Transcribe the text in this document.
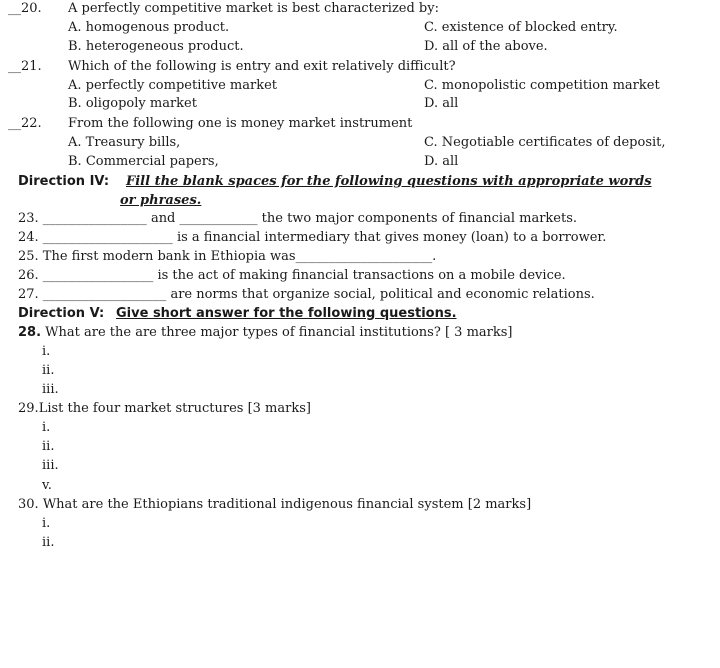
__20. A perfectly competitive market is best characterized by:
A. homogenous product.	C. existence of blocked entry.
B. heterogeneous product.	D. all of the above.
__21. Which of the following is entry and exit relatively difficult?
A. perfectly competitive market	C. monopolistic competition market
B. oligopoly market	D. all
__22. From the following one is money market instrument
A. Treasury bills,	C. Negotiable certificates of deposit,
B. Commercial papers,	D. all
Direction IV: Fill the blank spaces for the following questions with appropriate words
or phrases.
23. ________________ and ____________ the two major components of financial markets.
24. ____________________ is a financial intermediary that gives money (loan) to a borrower.
25. The first modern bank in Ethiopia was_____________________.
26. _________________ is the act of making financial transactions on a mobile device.
27. ___________________ are norms that organize social, political and economic relations.
Direction V: Give short answer for the following questions.
28. What are the are three major types of financial institutions? [ 3 marks]
i.
ii.
iii.
29.List the four market structures [3 marks]
i.
ii.
iii.
v.
30. What are the Ethiopians traditional indigenous financial system [2 marks]
i.
ii.
